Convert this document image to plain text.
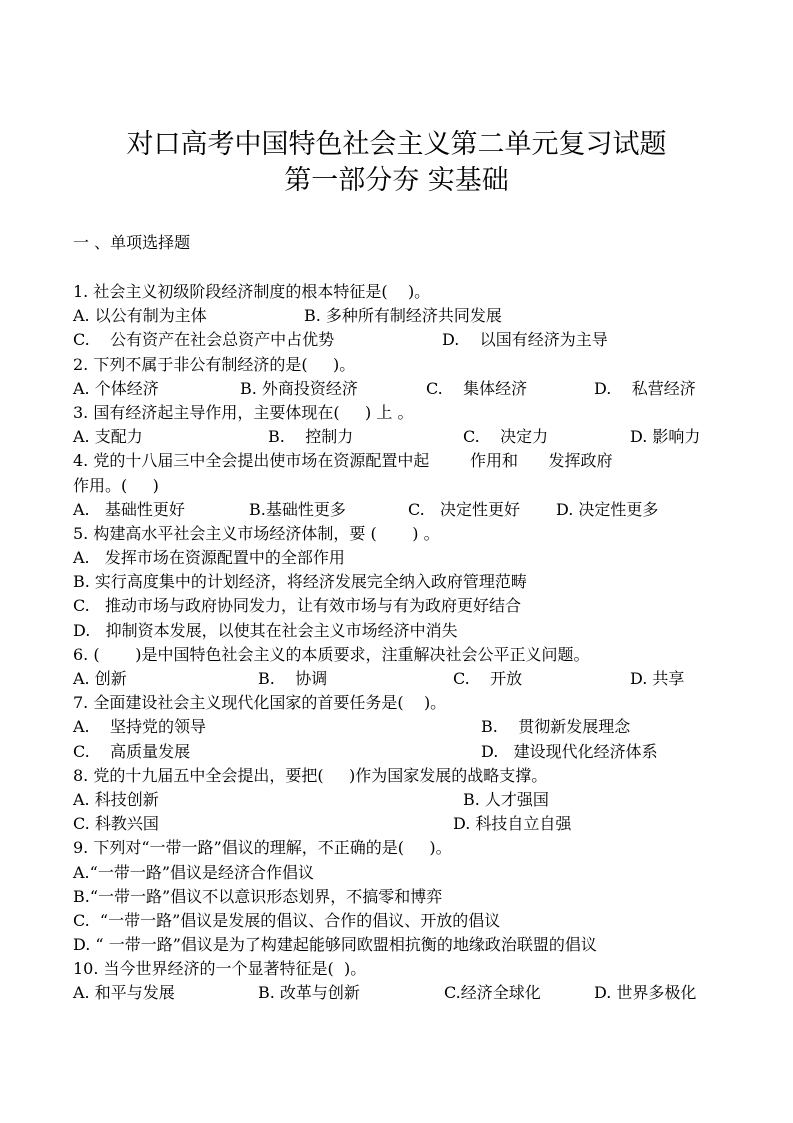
对口高考中国特色社会主义第二单元复习试题
第一部分夯 实基础
一 、单项选择题
1. 社会主义初级阶段经济制度的根本特征是(    )。
A. 以公有制为主体	B. 多种所有制经济共同发展
C.    公有资产在社会总资产中占优势	D.    以国有经济为主导
2. 下列不属于非公有制经济的是(     )。
A. 个体经济	B. 外商投资经济	C.    集体经济	D.    私营经济
3. 国有经济起主导作用，主要体现在(     ) 上 。
A. 支配力	B.    控制力	C.    决定力	D. 影响力
4. 党的十八届三中全会提出使市场在资源配置中起        作用和      发挥政府
作用。(     )
A.   基础性更好	B.基础性更多	C.   决定性更好 D. 决定性更多
5. 构建高水平社会主义市场经济体制，要 (       ) 。
A.   发挥市场在资源配置中的全部作用
B. 实行高度集中的计划经济，将经济发展完全纳入政府管理范畴
C.   推动市场与政府协同发力，让有效市场与有为政府更好结合
D.   抑制资本发展，以使其在社会主义市场经济中消失
6. (       )是中国特色社会主义的本质要求，注重解决社会公平正义问题。
A. 创新	B.    协调	C.    开放	D. 共享
7. 全面建设社会主义现代化国家的首要任务是(    )。
A.    坚持党的领导	B.    贯彻新发展理念
C.    高质量发展	D.   建设现代化经济体系
8. 党的十九届五中全会提出，要把(     )作为国家发展的战略支撑。
A. 科技创新	B. 人才强国
C. 科教兴国	D. 科技自立自强
9. 下列对“一带一路”倡议的理解，不正确的是(     )。
A.“一带一路”倡议是经济合作倡议
B.“一带一路”倡议不以意识形态划界，不搞零和博弈
C.  “一带一路”倡议是发展的倡议、合作的倡议、开放的倡议
D. “ 一带一路”倡议是为了构建起能够同欧盟相抗衡的地缘政治联盟的倡议
10. 当今世界经济的一个显著特征是(  )。
A. 和平与发展	B. 改革与创新	C.经济全球化	D. 世界多极化
